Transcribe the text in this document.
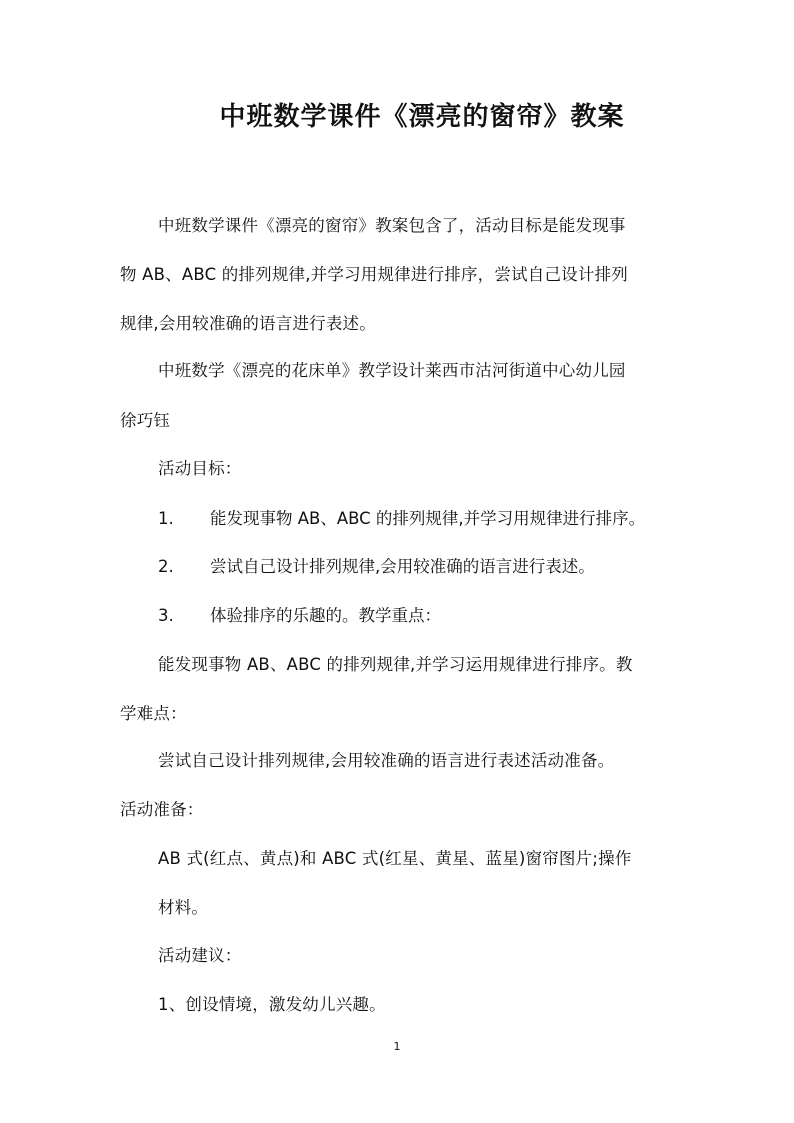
中班数学课件《漂亮的窗帘》教案

中班数学课件《漂亮的窗帘》教案包含了，活动目标是能发现事

物 AB、ABC 的排列规律,并学习用规律进行排序，尝试自己设计排列

规律,会用较准确的语言进行表述。

中班数学《漂亮的花床单》教学设计莱西市沽河街道中心幼儿园

徐巧钰

活动目标：

1. 能发现事物 AB、ABC 的排列规律,并学习用规律进行排序。

2. 尝试自己设计排列规律,会用较准确的语言进行表述。

3. 体验排序的乐趣的。教学重点：

能发现事物 AB、ABC 的排列规律,并学习运用规律进行排序。教

学难点：

尝试自己设计排列规律,会用较准确的语言进行表述活动准备。

活动准备：

AB 式(红点、黄点)和 ABC 式(红星、黄星、蓝星)窗帘图片;操作

材料。

活动建议：

1、创设情境，激发幼儿兴趣。

1
